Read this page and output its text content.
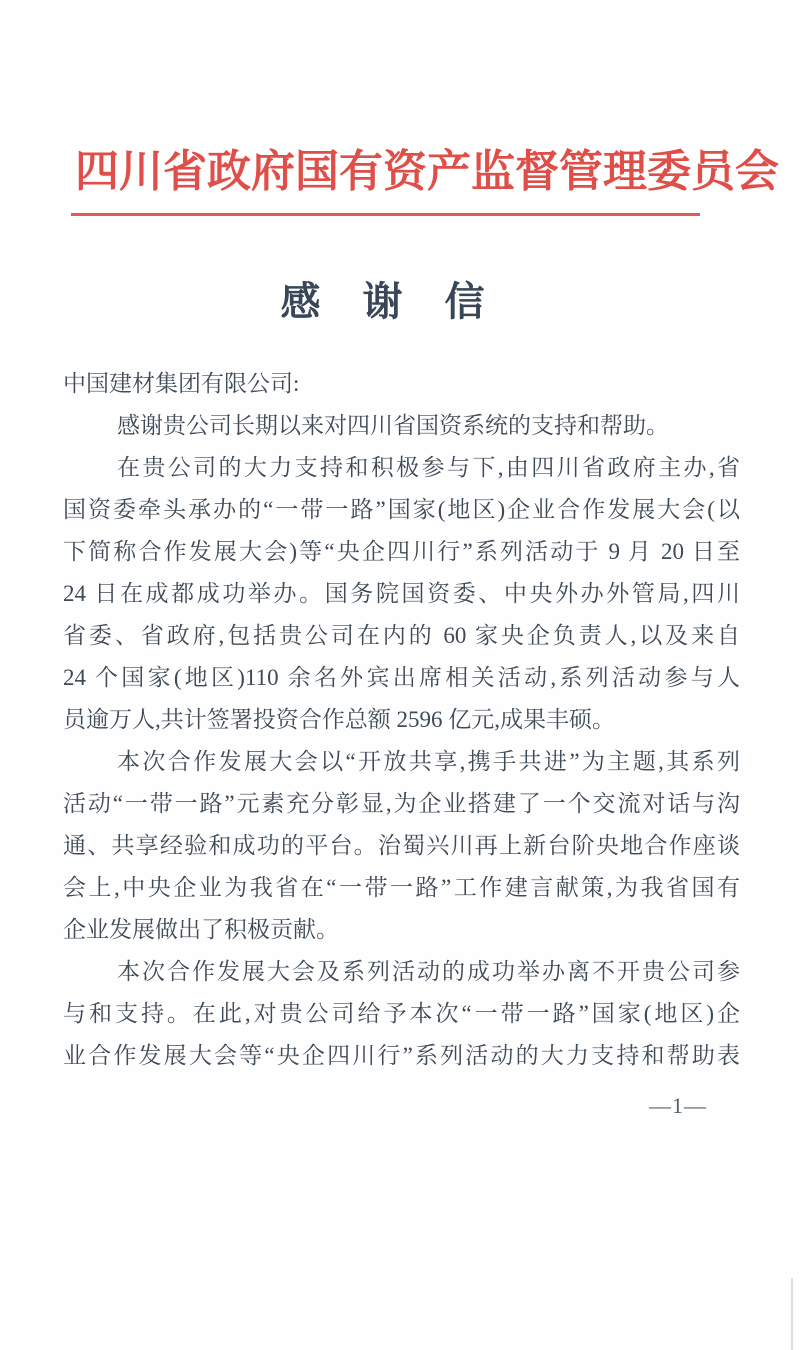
四川省政府国有资产监督管理委员会
感谢信
中国建材集团有限公司:
感谢贵公司长期以来对四川省国资系统的支持和帮助。
在贵公司的大力支持和积极参与下,由四川省政府主办,省
国资委牵头承办的“一带一路”国家(地区)企业合作发展大会(以
下简称合作发展大会)等“央企四川行”系列活动于 9 月 20 日至
24 日在成都成功举办。国务院国资委、中央外办外管局,四川
省委、省政府,包括贵公司在内的 60 家央企负责人,以及来自
24 个国家(地区)110 余名外宾出席相关活动,系列活动参与人
员逾万人,共计签署投资合作总额 2596 亿元,成果丰硕。
本次合作发展大会以“开放共享,携手共进”为主题,其系列
活动“一带一路”元素充分彰显,为企业搭建了一个交流对话与沟
通、共享经验和成功的平台。治蜀兴川再上新台阶央地合作座谈
会上,中央企业为我省在“一带一路”工作建言献策,为我省国有
企业发展做出了积极贡献。
本次合作发展大会及系列活动的成功举办离不开贵公司参
与和支持。在此,对贵公司给予本次“一带一路”国家(地区)企
业合作发展大会等“央企四川行”系列活动的大力支持和帮助表
—1—
